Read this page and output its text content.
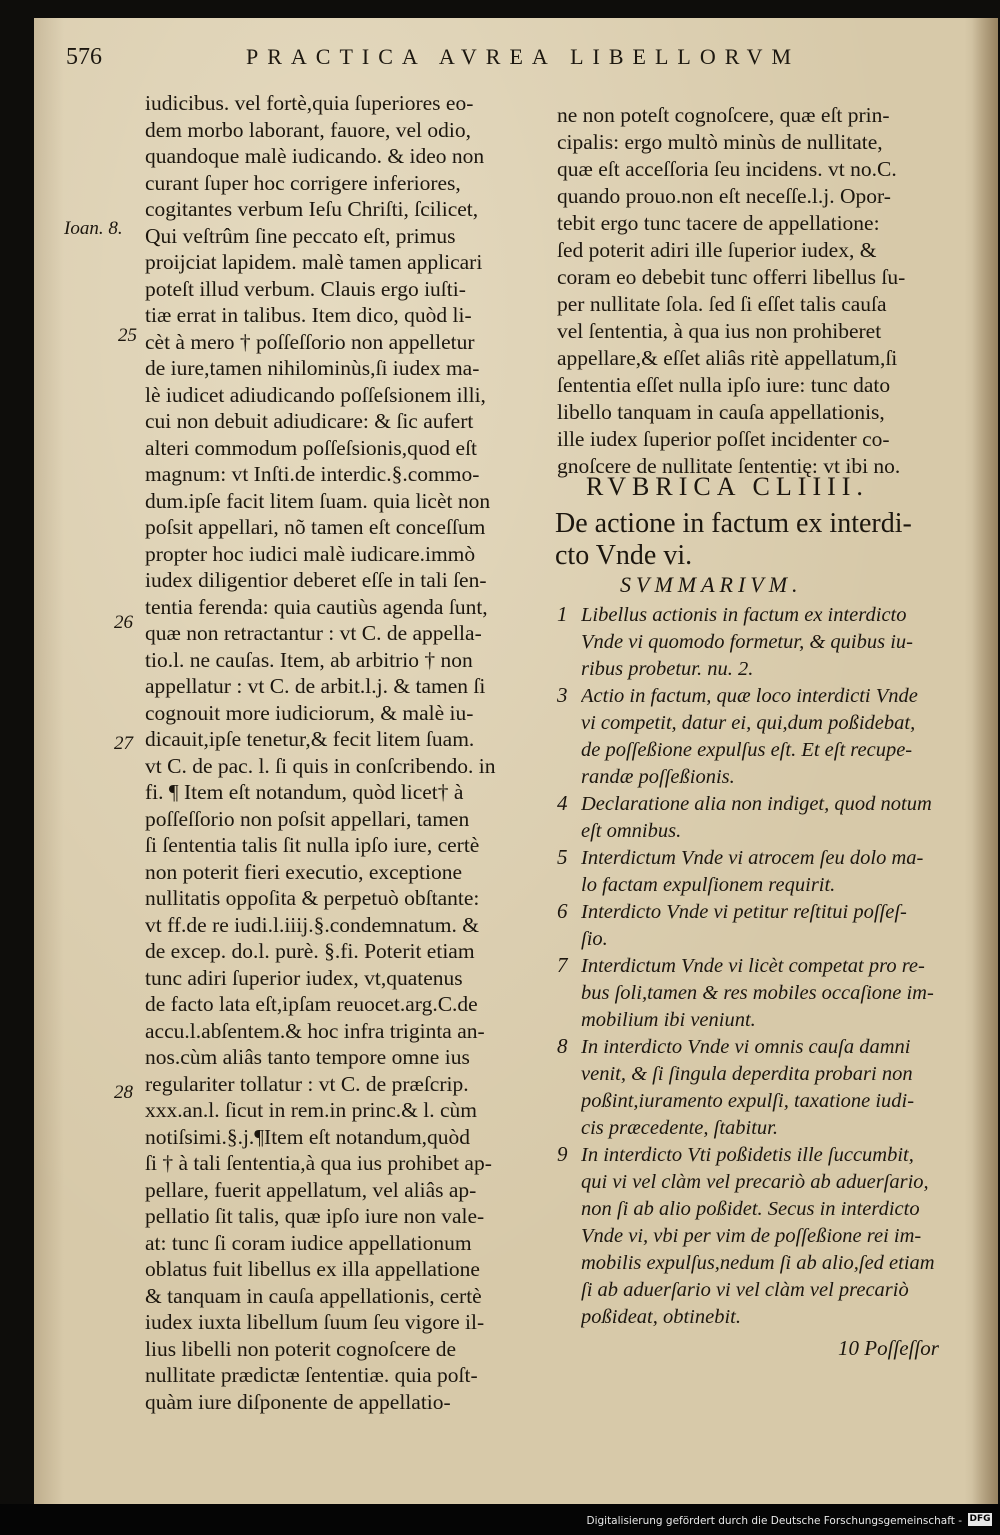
576	PRACTICA AVREA LIBELLORVM
iudicibus. vel fortè,quia ſuperiores eo-
dem morbo laborant, fauore, vel odio,
quandoque malè iudicando. & ideo non
curant ſuper hoc corrigere inferiores,
cogitantes verbum Ieſu Chriſti, ſcilicet,
Qui veſtrûm ſine peccato eſt, primus
proijciat lapidem. malè tamen applicari
poteſt illud verbum. Clauis ergo iuſti-
tiæ errat in talibus. Item dico, quòd li-
cèt à mero † poſſeſſorio non appelletur
de iure,tamen nihilominùs,ſi iudex ma-
lè iudicet adiudicando poſſeſsionem illi,
cui non debuit adiudicare: & ſic aufert
alteri commodum poſſeſsionis,quod eſt
magnum: vt Inſti.de interdic.§.commo-
dum.ipſe facit litem ſuam. quia licèt non
poſsit appellari, nõ tamen eſt conceſſum
propter hoc iudici malè iudicare.immò
iudex diligentior deberet eſſe in tali ſen-
tentia ferenda: quia cautiùs agenda ſunt,
quæ non retractantur : vt C. de appella-
tio.l. ne cauſas. Item, ab arbitrio † non
appellatur : vt C. de arbit.l.j. & tamen ſi
cognouit more iudiciorum, & malè iu-
dicauit,ipſe tenetur,& fecit litem ſuam.
vt C. de pac. l. ſi quis in conſcribendo. in
fi. ¶ Item eſt notandum, quòd licet† à
poſſeſſorio non poſsit appellari, tamen
ſi ſententia talis ſit nulla ipſo iure, certè
non poterit fieri executio, exceptione
nullitatis oppoſita & perpetuò obſtante:
vt ff.de re iudi.l.iiij.§.condemnatum. &
de excep. do.l. purè. §.fi. Poterit etiam
tunc adiri ſuperior iudex, vt,quatenus
de facto lata eſt,ipſam reuocet.arg.C.de
accu.l.abſentem.& hoc infra triginta an-
nos.cùm aliâs tanto tempore omne ius
regulariter tollatur : vt C. de præſcrip.
xxx.an.l. ſicut in rem.in princ.& l. cùm
notiſsimi.§.j.¶Item eſt notandum,quòd
ſi † à tali ſententia,à qua ius prohibet ap-
pellare, fuerit appellatum, vel aliâs ap-
pellatio ſit talis, quæ ipſo iure non vale-
at: tunc ſi coram iudice appellationum
oblatus fuit libellus ex illa appellatione
& tanquam in cauſa appellationis, certè
iudex iuxta libellum ſuum ſeu vigore il-
lius libelli non poterit cognoſcere de
nullitate prædictæ ſententiæ. quia poſt-
quàm iure diſponente de appellatio-
Ioan. 8.
25
26
27
28
ne non poteſt cognoſcere, quæ eſt prin-
cipalis: ergo multò minùs de nullitate,
quæ eſt acceſſoria ſeu incidens. vt no.C.
quando prouo.non eſt neceſſe.l.j. Opor-
tebit ergo tunc tacere de appellatione:
ſed poterit adiri ille ſuperior iudex, &
coram eo debebit tunc offerri libellus ſu-
per nullitate ſola. ſed ſi eſſet talis cauſa
vel ſententia, à qua ius non prohiberet
appellare,& eſſet aliâs ritè appellatum,ſi
ſententia eſſet nulla ipſo iure: tunc dato
libello tanquam in cauſa appellationis,
ille iudex ſuperior poſſet incidenter co-
gnoſcere de nullitate ſententię: vt ibi no.
RVBRICA CLIIII.
De actione in factum ex interdi-
cto Vnde vi.
SVMMARIVM.
1 Libellus actionis in factum ex interdicto
Vnde vi quomodo formetur, & quibus iu-
ribus probetur. nu. 2.
3 Actio in factum, quæ loco interdicti Vnde
vi competit, datur ei, qui,dum poßidebat,
de poſſeßione expulſus eſt. Et eſt recupe-
randæ poſſeßionis.
4 Declaratione alia non indiget, quod notum
eſt omnibus.
5 Interdictum Vnde vi atrocem ſeu dolo ma-
lo factam expulſionem requirit.
6 Interdicto Vnde vi petitur reſtitui poſſeſ-
ſio.
7 Interdictum Vnde vi licèt competat pro re-
bus ſoli,tamen & res mobiles occaſione im-
mobilium ibi veniunt.
8 In interdicto Vnde vi omnis cauſa damni
venit, & ſi ſingula deperdita probari non
poßint,iuramento expulſi, taxatione iudi-
cis præcedente, ſtabitur.
9 In interdicto Vti poßidetis ille ſuccumbit,
qui vi vel clàm vel precariò ab aduerſario,
non ſi ab alio poßidet. Secus in interdicto
Vnde vi, vbi per vim de poſſeßione rei im-
mobilis expulſus,nedum ſi ab alio,ſed etiam
ſi ab aduerſario vi vel clàm vel precariò
poßideat, obtinebit.
10 Poſſeſſor
Digitalisierung gefördert durch die Deutsche Forschungsgemeinschaft - DFG
